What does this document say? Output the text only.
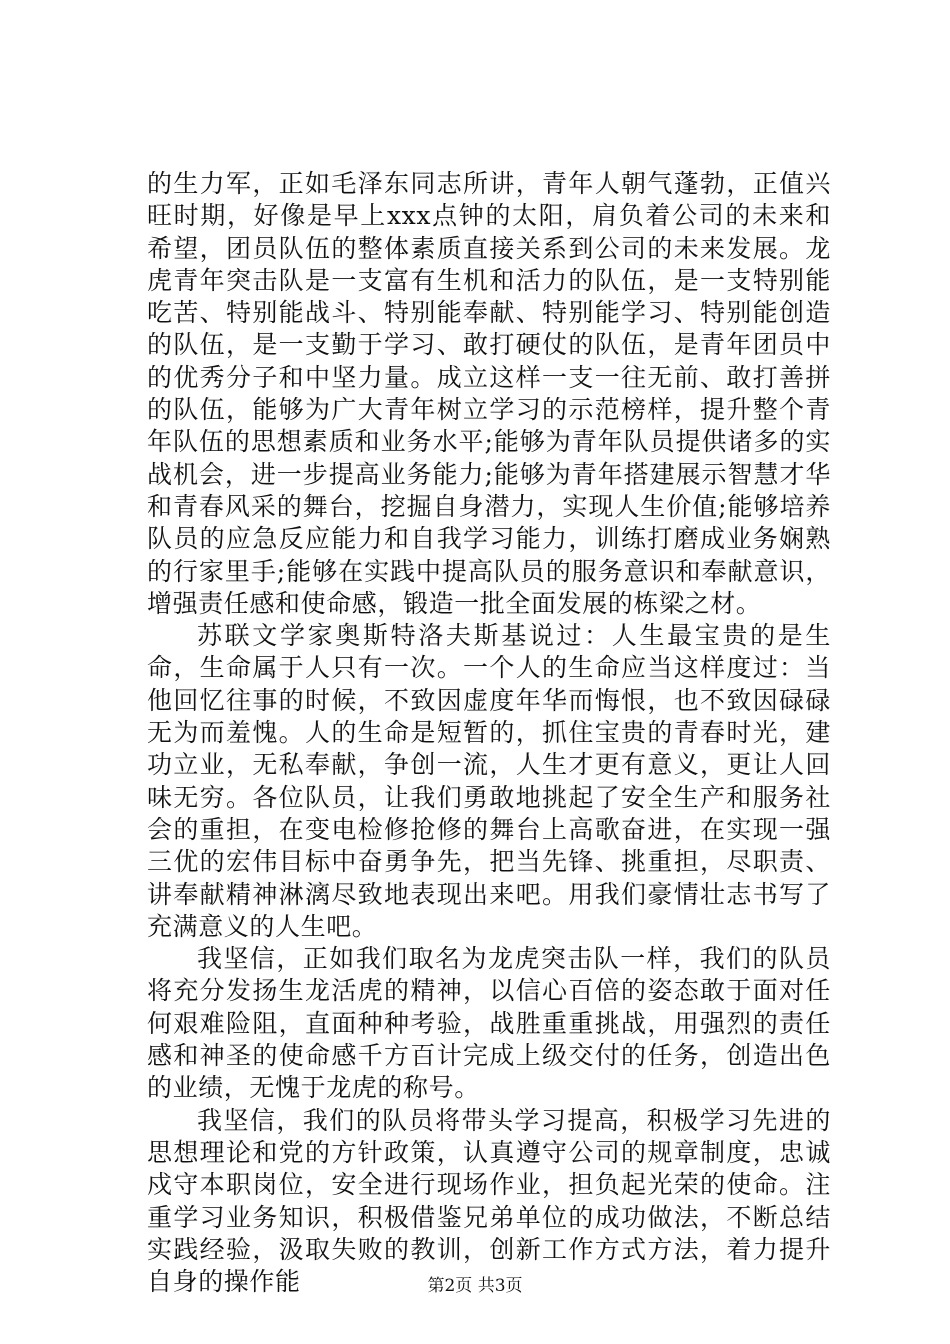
的生力军，正如毛泽东同志所讲，青年人朝气蓬勃，正值兴旺时期，好像是早上xxx点钟的太阳，肩负着公司的未来和希望，团员队伍的整体素质直接关系到公司的未来发展。龙虎青年突击队是一支富有生机和活力的队伍，是一支特别能吃苦、特别能战斗、特别能奉献、特别能学习、特别能创造的队伍，是一支勤于学习、敢打硬仗的队伍，是青年团员中的优秀分子和中坚力量。成立这样一支一往无前、敢打善拼的队伍，能够为广大青年树立学习的示范榜样，提升整个青年队伍的思想素质和业务水平;能够为青年队员提供诸多的实战机会，进一步提高业务能力;能够为青年搭建展示智慧才华和青春风采的舞台，挖掘自身潜力，实现人生价值;能够培养队员的应急反应能力和自我学习能力，训练打磨成业务娴熟的行家里手;能够在实践中提高队员的服务意识和奉献意识，增强责任感和使命感，锻造一批全面发展的栋梁之材。

苏联文学家奥斯特洛夫斯基说过：人生最宝贵的是生命，生命属于人只有一次。一个人的生命应当这样度过：当他回忆往事的时候，不致因虚度年华而悔恨，也不致因碌碌无为而羞愧。人的生命是短暂的，抓住宝贵的青春时光，建功立业，无私奉献，争创一流，人生才更有意义，更让人回味无穷。各位队员，让我们勇敢地挑起了安全生产和服务社会的重担，在变电检修抢修的舞台上高歌奋进，在实现一强三优的宏伟目标中奋勇争先，把当先锋、挑重担，尽职责、讲奉献精神淋漓尽致地表现出来吧。用我们豪情壮志书写了充满意义的人生吧。

我坚信，正如我们取名为龙虎突击队一样，我们的队员将充分发扬生龙活虎的精神，以信心百倍的姿态敢于面对任何艰难险阻，直面种种考验，战胜重重挑战，用强烈的责任感和神圣的使命感千方百计完成上级交付的任务，创造出色的业绩，无愧于龙虎的称号。

我坚信，我们的队员将带头学习提高，积极学习先进的思想理论和党的方针政策，认真遵守公司的规章制度，忠诚戍守本职岗位，安全进行现场作业，担负起光荣的使命。注重学习业务知识，积极借鉴兄弟单位的成功做法，不断总结实践经验，汲取失败的教训，创新工作方式方法，着力提升自身的操作能	第2页 共3页
